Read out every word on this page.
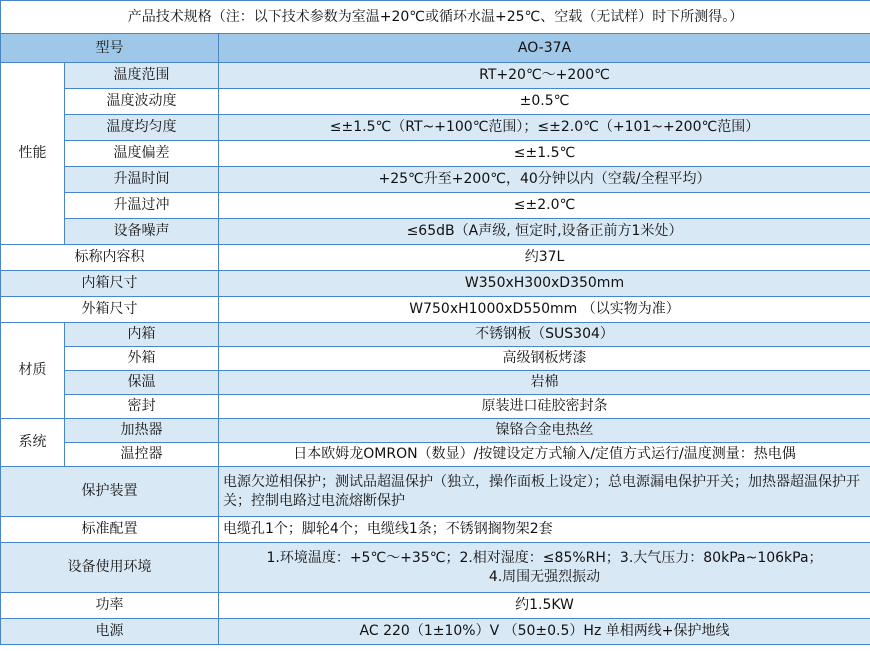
产品技术规格（注：以下技术参数为室温+20℃或循环水温+25℃、空载（无试样）时下所测得。）		
型号		AO-37A
性能	温度范围	RT+20℃～+200℃
	温度波动度	±0.5℃
	温度均匀度	≤±1.5℃（RT~+100℃范围）；≤±2.0℃（+101~+200℃范围）
	温度偏差	≤±1.5℃
	升温时间	+25℃升至+200℃，40分钟以内（空载/全程平均）
	升温过冲	≤±2.0℃
	设备噪声	≤65dB（A声级, 恒定时,设备正前方1米处）
标称内容积		约37L
内箱尺寸		W350xH300xD350mm
外箱尺寸		W750xH1000xD550mm （以实物为准）
材质	内箱	不锈钢板（SUS304）
	外箱	高级钢板烤漆
	保温	岩棉
	密封	原装进口硅胶密封条
系统	加热器	镍铬合金电热丝
	温控器	日本欧姆龙OMRON（数显）/按键设定方式输入/定值方式运行/温度测量：热电偶
保护装置		电源欠逆相保护；测试品超温保护（独立，操作面板上设定）；总电源漏电保护开关；加热器超温保护开关；控制电路过电流熔断保护
标准配置		电缆孔1个；脚轮4个；电缆线1条；不锈钢搁物架2套
设备使用环境		1.环境温度：+5℃～+35℃；2.相对湿度：≤85%RH；3.大气压力：80kPa~106kPa；
4.周围无强烈振动

功率		约1.5KW
电源		AC 220（1±10%）V （50±0.5）Hz 单相两线+保护地线
